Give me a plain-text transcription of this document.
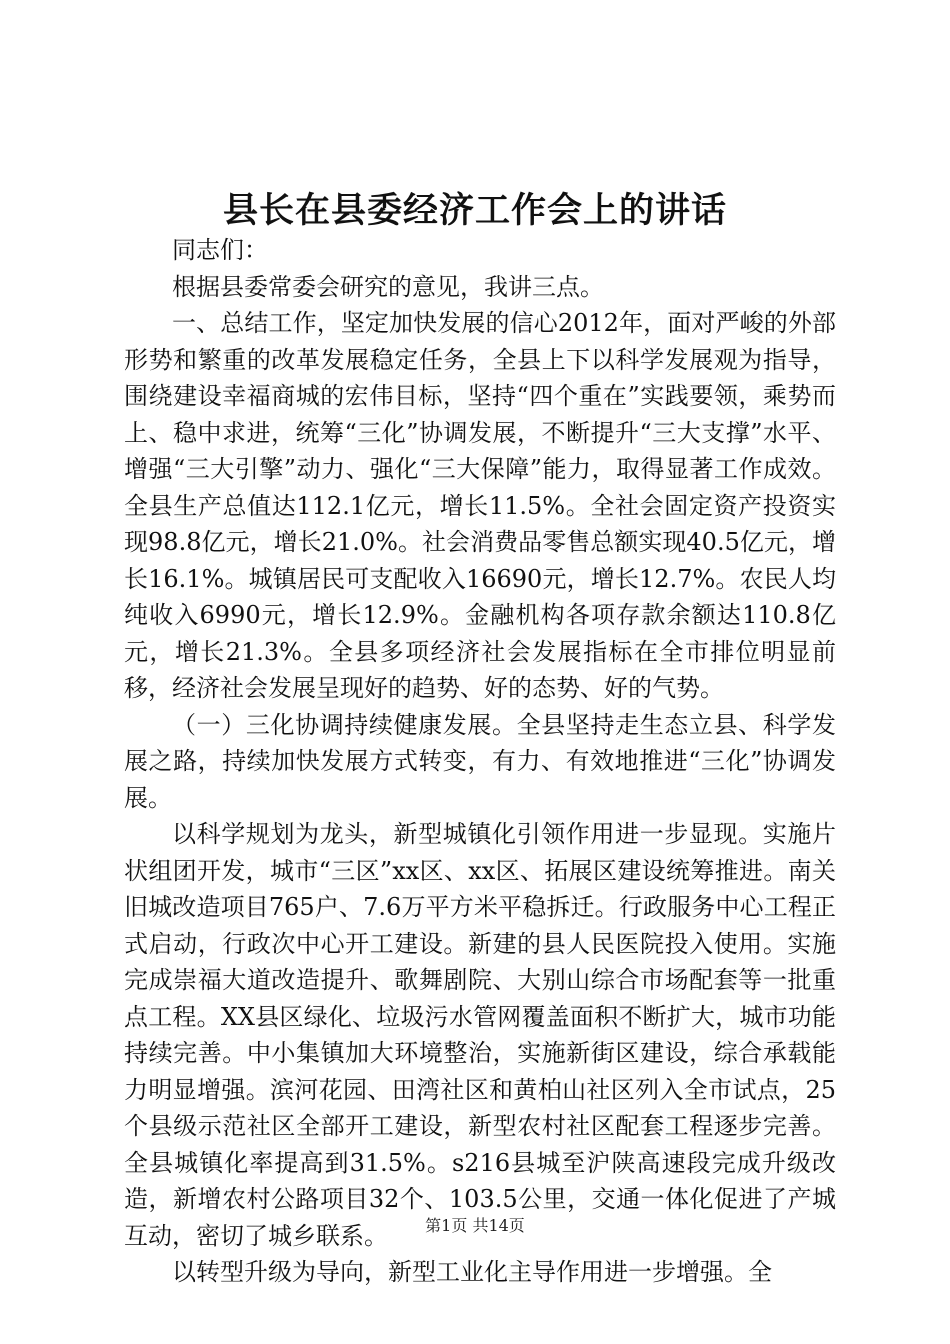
县长在县委经济工作会上的讲话

同志们：

根据县委常委会研究的意见，我讲三点。

一、总结工作，坚定加快发展的信心2012年，面对严峻的外部形势和繁重的改革发展稳定任务，全县上下以科学发展观为指导，围绕建设幸福商城的宏伟目标，坚持“四个重在”实践要领，乘势而上、稳中求进，统筹“三化”协调发展，不断提升“三大支撑”水平、增强“三大引擎”动力、强化“三大保障”能力，取得显著工作成效。全县生产总值达112.1亿元，增长11.5%。全社会固定资产投资实现98.8亿元，增长21.0%。社会消费品零售总额实现40.5亿元，增长16.1%。城镇居民可支配收入16690元，增长12.7%。农民人均纯收入6990元，增长12.9%。金融机构各项存款余额达110.8亿元，增长21.3%。全县多项经济社会发展指标在全市排位明显前移，经济社会发展呈现好的趋势、好的态势、好的气势。

（一）三化协调持续健康发展。全县坚持走生态立县、科学发展之路，持续加快发展方式转变，有力、有效地推进“三化”协调发展。

以科学规划为龙头，新型城镇化引领作用进一步显现。实施片状组团开发，城市“三区”xx区、xx区、拓展区建设统筹推进。南关旧城改造项目765户、7.6万平方米平稳拆迁。行政服务中心工程正式启动，行政次中心开工建设。新建的县人民医院投入使用。实施完成崇福大道改造提升、歌舞剧院、大别山综合市场配套等一批重点工程。XX县区绿化、垃圾污水管网覆盖面积不断扩大，城市功能持续完善。中小集镇加大环境整治，实施新街区建设，综合承载能力明显增强。滨河花园、田湾社区和黄柏山社区列入全市试点，25个县级示范社区全部开工建设，新型农村社区配套工程逐步完善。全县城镇化率提高到31.5%。s216县城至沪陕高速段完成升级改造，新增农村公路项目32个、103.5公里，交通一体化促进了产城互动，密切了城乡联系。

以转型升级为导向，新型工业化主导作用进一步增强。全

第1页 共14页
